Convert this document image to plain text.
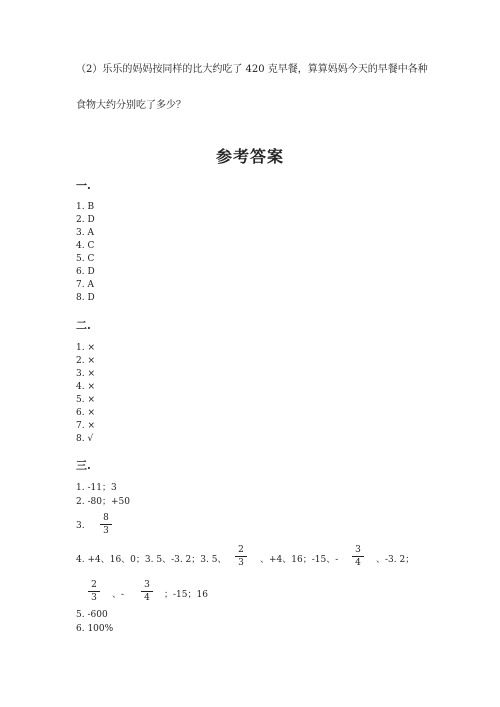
（2）乐乐的妈妈按同样的比大约吃了 420 克早餐，算算妈妈今天的早餐中各种
食物大约分别吃了多少？
参考答案
一.
1. B
2. D
3. A
4. C
5. C
6. D
7. A
8. D
二.
1. ×
2. ×
3. ×
4. ×
5. ×
6. ×
7. ×
8. √
三.
1. -11；3
2. -80；+50
3.
8
3
4. +4、16、0；3. 5、-3. 2；3. 5、
2
3	、+4、16；-15、-
3
4	、-3. 2；
2
3	、-
3
4	；-15；16
5. -600
6. 100%
